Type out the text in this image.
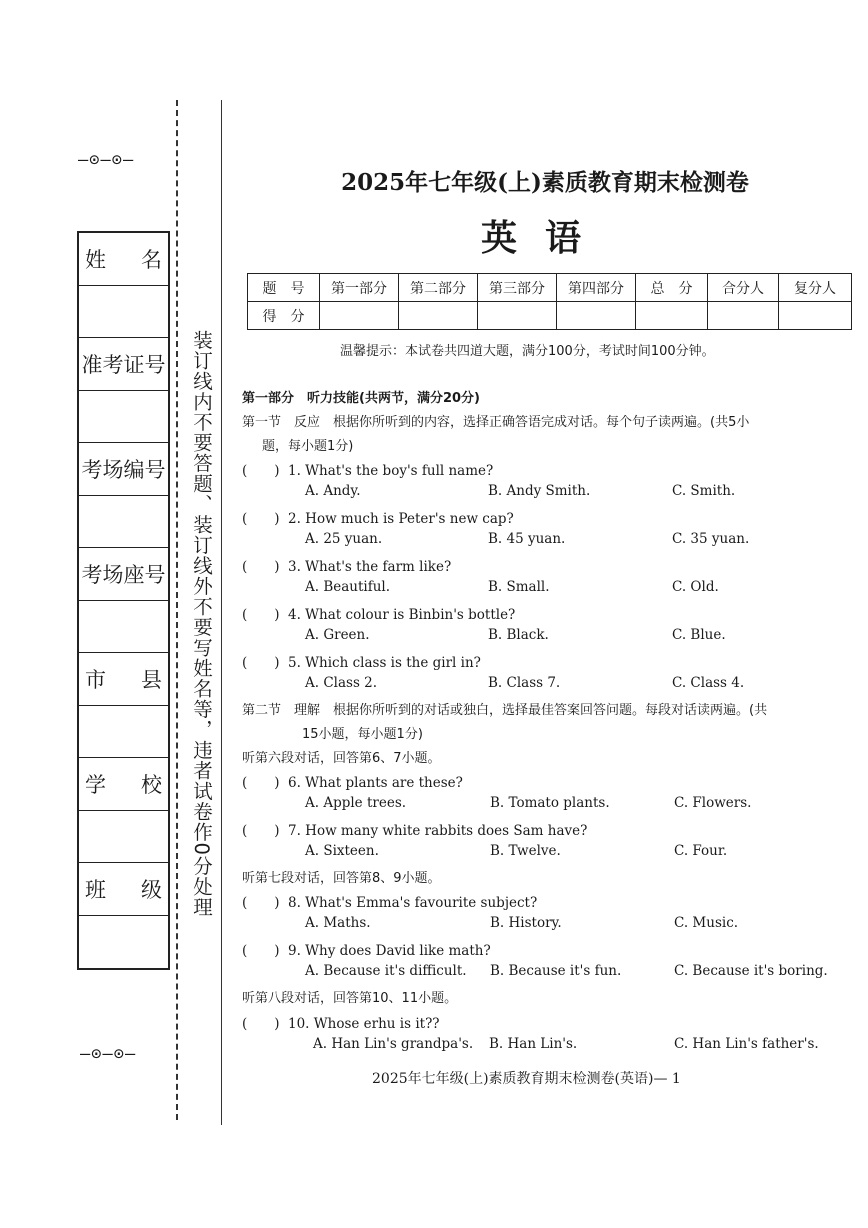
—⊙—⊙—
姓 名
准考证号
考场编号
考场座号
市 县
学 校
班 级
—⊙—⊙—
装订线内不要答题、装订线外不要写姓名等，违者试卷作0分处理
2025年七年级(上)素质教育期末检测卷
英语
题　号	第一部分	第二部分	第三部分	第四部分	总　分	合分人	复分人
得　分							
温馨提示：本试卷共四道大题，满分100分，考试时间100分钟。
第一部分　听力技能(共两节，满分20分)
第一节　反应　根据你所听到的内容，选择正确答语完成对话。每个句子读两遍。(共5小
题，每小题1分)
(　　) 1. What's the boy's full name?
A. Andy.	B. Andy Smith.	C. Smith.
(　　) 2. How much is Peter's new cap?
A. 25 yuan.	B. 45 yuan.	C. 35 yuan.
(　　) 3. What's the farm like?
A. Beautiful.	B. Small.	C. Old.
(　　) 4. What colour is Binbin's bottle?
A. Green.	B. Black.	C. Blue.
(　　) 5. Which class is the girl in?
A. Class 2.	B. Class 7.	C. Class 4.
第二节　理解　根据你所听到的对话或独白，选择最佳答案回答问题。每段对话读两遍。(共
15小题，每小题1分)
听第六段对话，回答第6、7小题。
(　　) 6. What plants are these?
A. Apple trees.	B. Tomato plants.	C. Flowers.
(　　) 7. How many white rabbits does Sam have?
A. Sixteen.	B. Twelve.	C. Four.
听第七段对话，回答第8、9小题。
(　　) 8. What's Emma's favourite subject?
A. Maths.	B. History.	C. Music.
(　　) 9. Why does David like math?
A. Because it's difficult. B. Because it's fun.	C. Because it's boring.
听第八段对话，回答第10、11小题。
(　　) 10. Whose erhu is it??
A. Han Lin's grandpa's. B. Han Lin's.	C. Han Lin's father's.
2025年七年级(上)素质教育期末检测卷(英语)— 1
